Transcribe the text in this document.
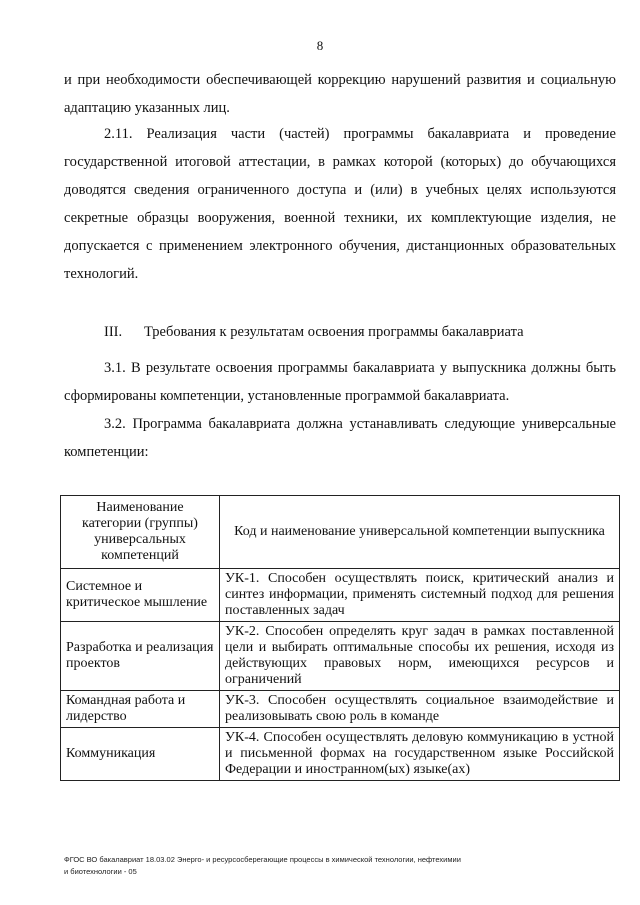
8
и при необходимости обеспечивающей коррекцию нарушений развития и социальную адаптацию указанных лиц.
2.11. Реализация части (частей) программы бакалавриата и проведение государственной итоговой аттестации, в рамках которой (которых) до обучающихся доводятся сведения ограниченного доступа и (или) в учебных целях используются секретные образцы вооружения, военной техники, их комплектующие изделия, не допускается с применением электронного обучения, дистанционных образовательных технологий.
III. Требования к результатам освоения программы бакалавриата
3.1. В результате освоения программы бакалавриата у выпускника должны быть сформированы компетенции, установленные программой бакалавриата.
3.2. Программа бакалавриата должна устанавливать следующие универсальные компетенции:
Наименование категории (группы) универсальных компетенций	Код и наименование универсальной компетенции выпускника
Системное и критическое мышление	УК-1. Способен осуществлять поиск, критический анализ и синтез информации, применять системный подход для решения поставленных задач
Разработка и реализация проектов	УК-2. Способен определять круг задач в рамках поставленной цели и выбирать оптимальные способы их решения, исходя из действующих правовых норм, имеющихся ресурсов и ограничений
Командная работа и лидерство	УК-3. Способен осуществлять социальное взаимодействие и реализовывать свою роль в команде
Коммуникация	УК-4. Способен осуществлять деловую коммуникацию в устной и письменной формах на государственном языке Российской Федерации и иностранном(ых) языке(ах)
ФГОС ВО бакалавриат 18.03.02 Энерго- и ресурсосберегающие процессы в химической технологии, нефтехимии
и биотехнологии - 05
